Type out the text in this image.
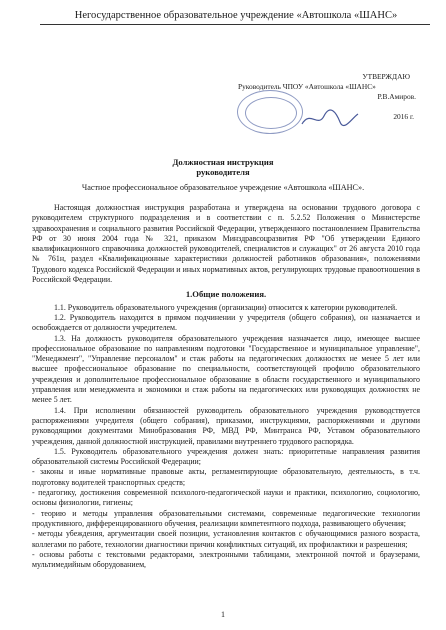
Негосударственное образовательное учреждение «Автошкола «ШАНС»
УТВЕРЖДАЮ
Руководитель ЧПОУ «Автошкола «ШАНС»
Р.В.Амиров.
2016 г.
Должностная инструкция
руководителя
Частное профессиональное образовательное учреждение «Автошкола «ШАНС».

Настоящая должностная инструкция разработана и утверждена на основании трудового договора с руководителем структурного подразделения и в соответствии с п. 5.2.52 Положения о Министерстве здравоохранения и социального развития Российской Федерации, утвержденного постановлением Правительства РФ от 30 июня 2004 года № 321, приказом Минздравсоцразвития РФ "Об утверждении Единого квалификационного справочника должностей руководителей, специалистов и служащих" от 26 августа 2010 года № 761н, раздел «Квалификационные характеристики должностей работников образования», положениями Трудового кодекса Российской Федерации и иных нормативных актов, регулирующих трудовые правоотношения в Российской Федерации.

1.Общие положения.

1.1. Руководитель образовательного учреждения (организации) относится к категории руководителей.

1.2. Руководитель находится в прямом подчинении у учредителя (общего собрания), он назначается и освобождается от должности учредителем.

1.3. На должность руководителя образовательного учреждения назначается лицо, имеющее высшее профессиональное образование по направлениям подготовки "Государственное и муниципальное управление", "Менеджмент", "Управление персоналом" и стаж работы на педагогических должностях не менее 5 лет или высшее профессиональное образование по специальности, соответствующей профилю образовательного учреждения и дополнительное профессиональное образование в области государственного и муниципального управления или менеджмента и экономики и стаж работы на педагогических или руководящих должностях не менее 5 лет.

1.4. При исполнении обязанностей руководитель образовательного учреждения руководствуется распоряжениями учредителя (общего собрания), приказами, инструкциями, распоряжениями и другими руководящими документами Минобразования РФ, МВД РФ, Минтранса РФ, Уставом образовательного учреждения, данной должностной инструкцией, правилами внутреннего трудового распорядка.

1.5. Руководитель образовательного учреждения должен знать: приоритетные направления развития образовательной системы Российской Федерации;

- законы и иные нормативные правовые акты, регламентирующие образовательную, деятельность, в т.ч. подготовку водителей транспортных средств;

- педагогику, достижения современной психолого-педагогической науки и практики, психологию, социологию, основы физиологии, гигиены;

- теорию и методы управления образовательными системами, современные педагогические технологии продуктивного, дифференцированного обучения, реализации компетентного подхода, развивающего обучения;

- методы убеждения, аргументации своей позиции, установления контактов с обучающимися разного возраста, коллегами по работе, технологии диагностики причин конфликтных ситуаций, их профилактики и разрешения;

- основы работы с текстовыми редакторами, электронными таблицами, электронной почтой и браузерами, мультимедийным оборудованием,

1
